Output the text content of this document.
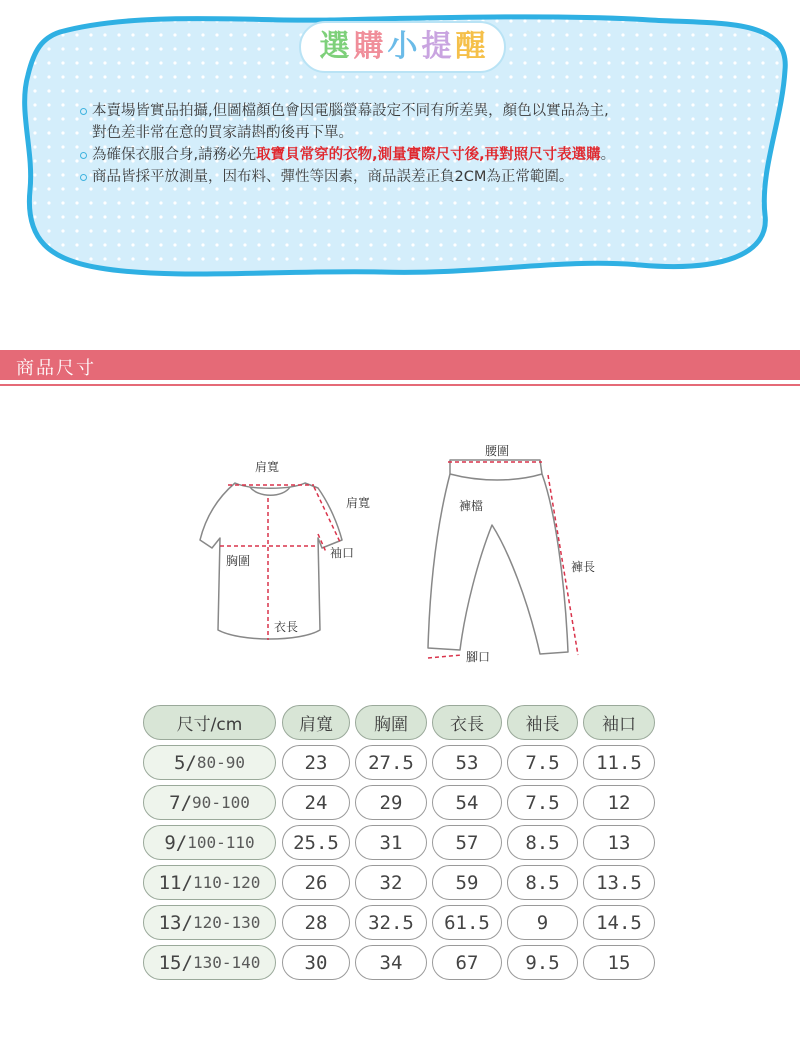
選 購 小 提 醒
本賣場皆實品拍攝,但圖檔顏色會因電腦螢幕設定不同有所差異，顏色以實品為主,
對色差非常在意的買家請斟酌後再下單。
為確保衣服合身,請務必先取寶貝常穿的衣物,測量實際尺寸後,再對照尺寸表選購。
商品皆採平放測量，因布料、彈性等因素，商品誤差正負2CM為正常範圍。
商品尺寸
肩寬
肩寬
胸圍
袖口
衣長
腰圍
褲檔
褲長
腳口
尺寸/cm	肩寬	胸圍	衣長	袖長	袖口
5/ 80-90	23	27.5	53	7.5	11.5
7/ 90-100	24	29	54	7.5	12
9/ 100-110	25.5	31	57	8.5	13
11/ 110-120	26	32	59	8.5	13.5
13/ 120-130	28	32.5	61.5	9	14.5
15/ 130-140	30	34	67	9.5	15
